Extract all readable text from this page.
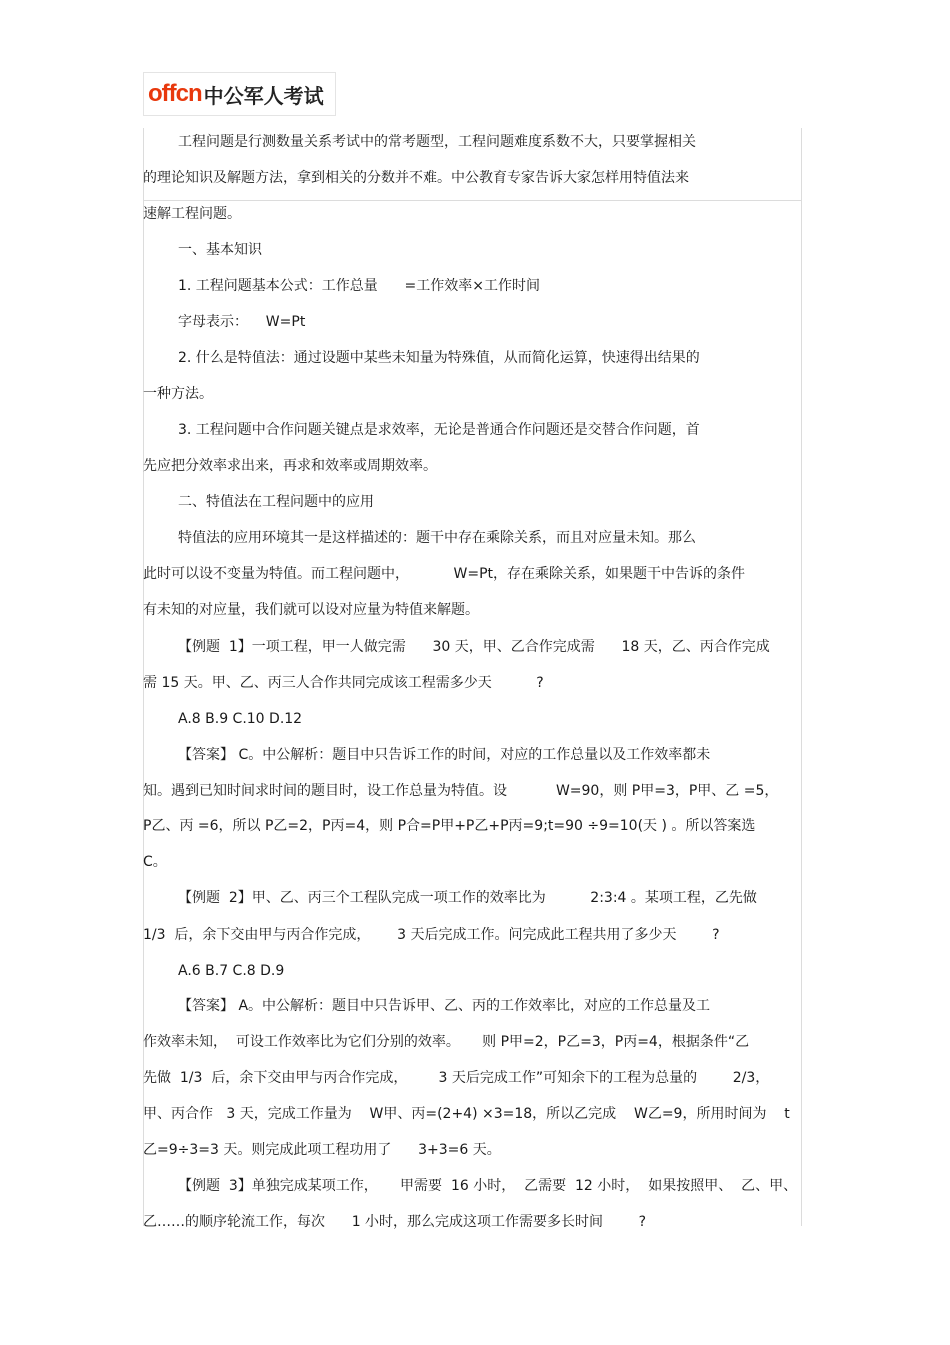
offcn 中公军人考试
工程问题是行测数量关系考试中的常考题型，工程问题难度系数不大，只要掌握相关
的理论知识及解题方法，拿到相关的分数并不难。中公教育专家告诉大家怎样用特值法来
速解工程问题。
一、基本知识
1. 工程问题基本公式：工作总量      =工作效率×工作时间
字母表示：    W=Pt
2. 什么是特值法：通过设题中某些未知量为特殊值，从而简化运算，快速得出结果的
一种方法。
3. 工程问题中合作问题关键点是求效率，无论是普通合作问题还是交替合作问题，首
先应把分效率求出来，再求和效率或周期效率。
二、特值法在工程问题中的应用
特值法的应用环境其一是这样描述的：题干中存在乘除关系，而且对应量未知。那么
此时可以设不变量为特值。而工程问题中，          W=Pt，存在乘除关系，如果题干中告诉的条件
有未知的对应量，我们就可以设对应量为特值来解题。
【例题  1】一项工程，甲一人做完需      30 天，甲、乙合作完成需      18 天，乙、丙合作完成
需 15 天。甲、乙、丙三人合作共同完成该工程需多少天          ?
A.8 B.9 C.10 D.12
【答案】 C。中公解析：题目中只告诉工作的时间，对应的工作总量以及工作效率都未
知。遇到已知时间求时间的题目时，设工作总量为特值。设           W=90，则 P甲=3，P甲、乙 =5，
P乙、丙 =6，所以 P乙=2，P丙=4，则 P合=P甲+P乙+P丙=9;t=90 ÷9=10(天 ) 。所以答案选
C。
【例题  2】甲、乙、丙三个工程队完成一项工作的效率比为          2:3:4 。某项工程，乙先做
1/3  后，余下交由甲与丙合作完成，      3 天后完成工作。问完成此工程共用了多少天        ?
A.6 B.7 C.8 D.9
【答案】 A。中公解析：题目中只告诉甲、乙、丙的工作效率比，对应的工作总量及工
作效率未知，  可设工作效率比为它们分别的效率。     则 P甲=2，P乙=3，P丙=4，根据条件“乙
先做  1/3  后，余下交由甲与丙合作完成，       3 天后完成工作”可知余下的工程为总量的        2/3，
甲、丙合作   3 天，完成工作量为    W甲、丙=(2+4) ×3=18，所以乙完成    W乙=9，所用时间为    t
乙=9÷3=3 天。则完成此项工程功用了      3+3=6 天。
【例题  3】单独完成某项工作，     甲需要  16 小时，  乙需要  12 小时，  如果按照甲、  乙、甲、
乙……的顺序轮流工作，每次      1 小时，那么完成这项工作需要多长时间        ?
